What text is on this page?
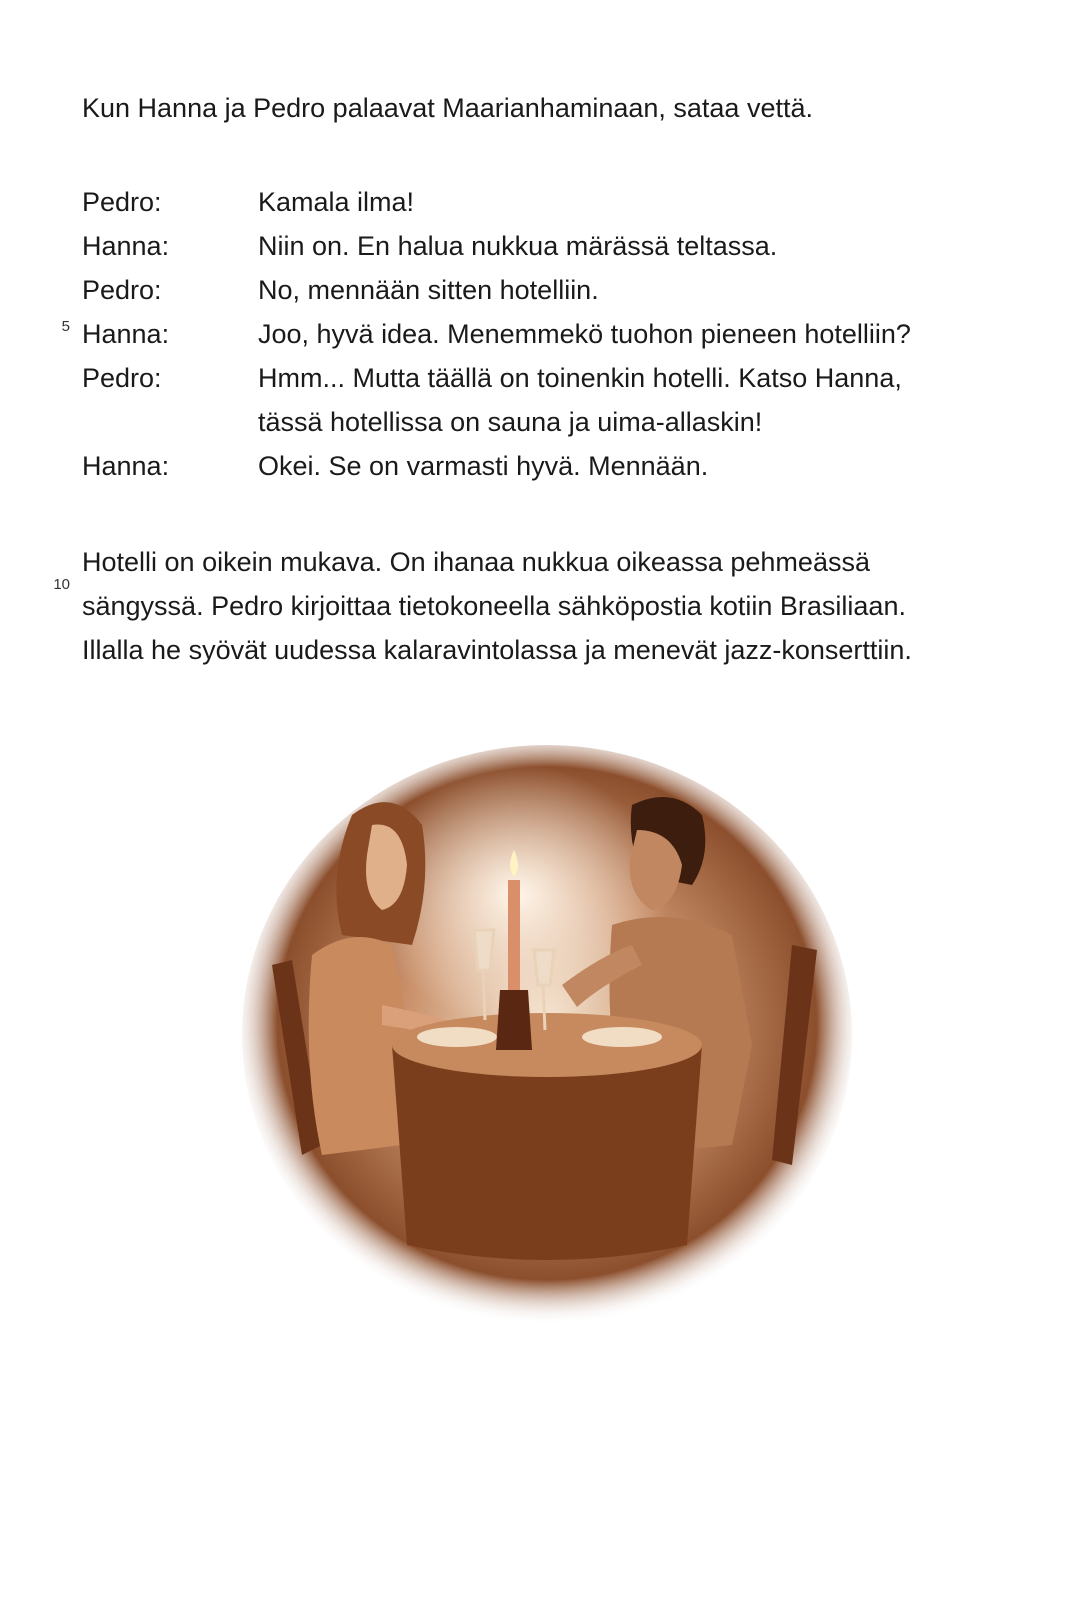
Kun Hanna ja Pedro palaavat Maarianhaminaan, sataa vettä.

5
10
Pedro:	Kamala ilma!
Hanna:	Niin on. En halua nukkua märässä teltassa.
Pedro:	No, mennään sitten hotelliin.
Hanna:	Joo, hyvä idea. Menemmekö tuohon pieneen hotelliin?
Pedro:	Hmm... Mutta täällä on toinenkin hotelli. Katso Hanna,
tässä hotellissa on sauna ja uima-allaskin!
Hanna:	Okei. Se on varmasti hyvä. Mennään.

Hotelli on oikein mukava. On ihanaa nukkua oikeassa pehmeässä
sängyssä. Pedro kirjoittaa tietokoneella sähköpostia kotiin Brasiliaan.
Illalla he syövät uudessa kalaravintolassa ja menevät jazz-konserttiin.
